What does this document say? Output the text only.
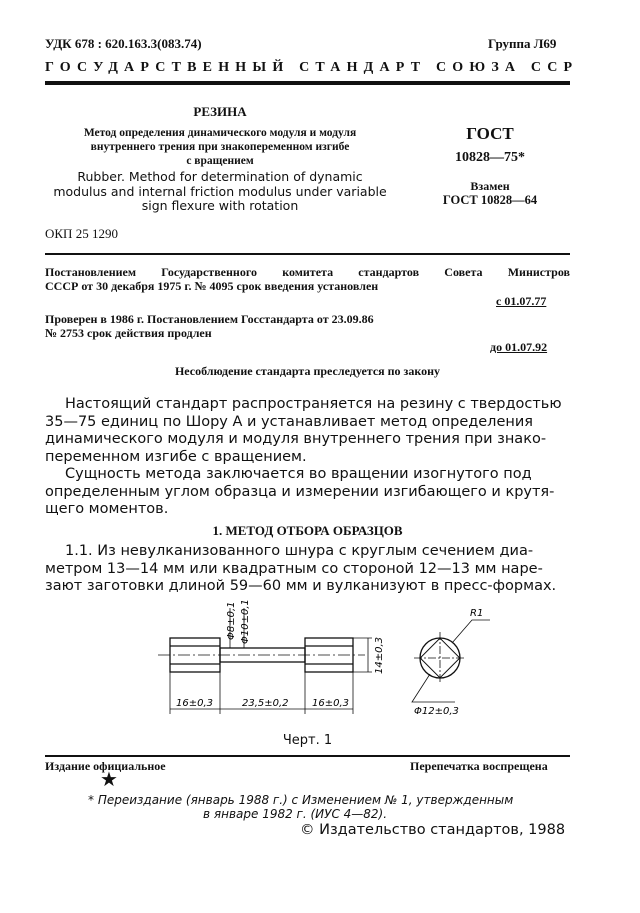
УДК 678 : 620.163.3(083.74)	Группа Л69
ГОСУДАРСТВЕННЫЙ СТАНДАРТ СОЮЗА ССР
РЕЗИНА
Метод определения динамического модуля и модуля
внутреннего трения при знакопеременном изгибе
с вращением
Rubber. Method for determination of dynamic
modulus and internal friction modulus under variable
sign flexure with rotation
ГОСТ
10828—75*
Взамен
ГОСТ 10828—64
ОКП 25 1290
Постановлением Государственного комитета стандартов Совета Министров
СССР от 30 декабря 1975 г. № 4095 срок введения установлен
с 01.07.77
Проверен в 1986 г. Постановлением Госстандарта от 23.09.86
№ 2753 срок действия продлен
до 01.07.92
Несоблюдение стандарта преследуется по закону
Настоящий стандарт распространяется на резину с твердостью
35—75 единиц по Шору А и устанавливает метод определения
динамического модуля и модуля внутреннего трения при знако-
переменном изгибе с вращением.
Сущность метода заключается во вращении изогнутого под
определенным углом образца и измерении изгибающего и крутя-
щего моментов.
1. МЕТОД ОТБОРА ОБРАЗЦОВ
1.1. Из невулканизованного шнура с круглым сечением диа-
метром 13—14 мм или квадратным со стороной 12—13 мм наре-
зают заготовки длиной 59—60 мм и вулканизуют в пресс-формах.
Φ8±0,1 Φ10±0,1
14±0,3
16±0,3	23,5±0,2 16±0,3
R1
Φ12±0,3
Черт. 1
Издание официальное	Перепечатка воспрещена
★
* Переиздание (январь 1988 г.) с Изменением № 1, утвержденным
в январе 1982 г. (ИУС 4—82).
© Издательство стандартов, 1988
